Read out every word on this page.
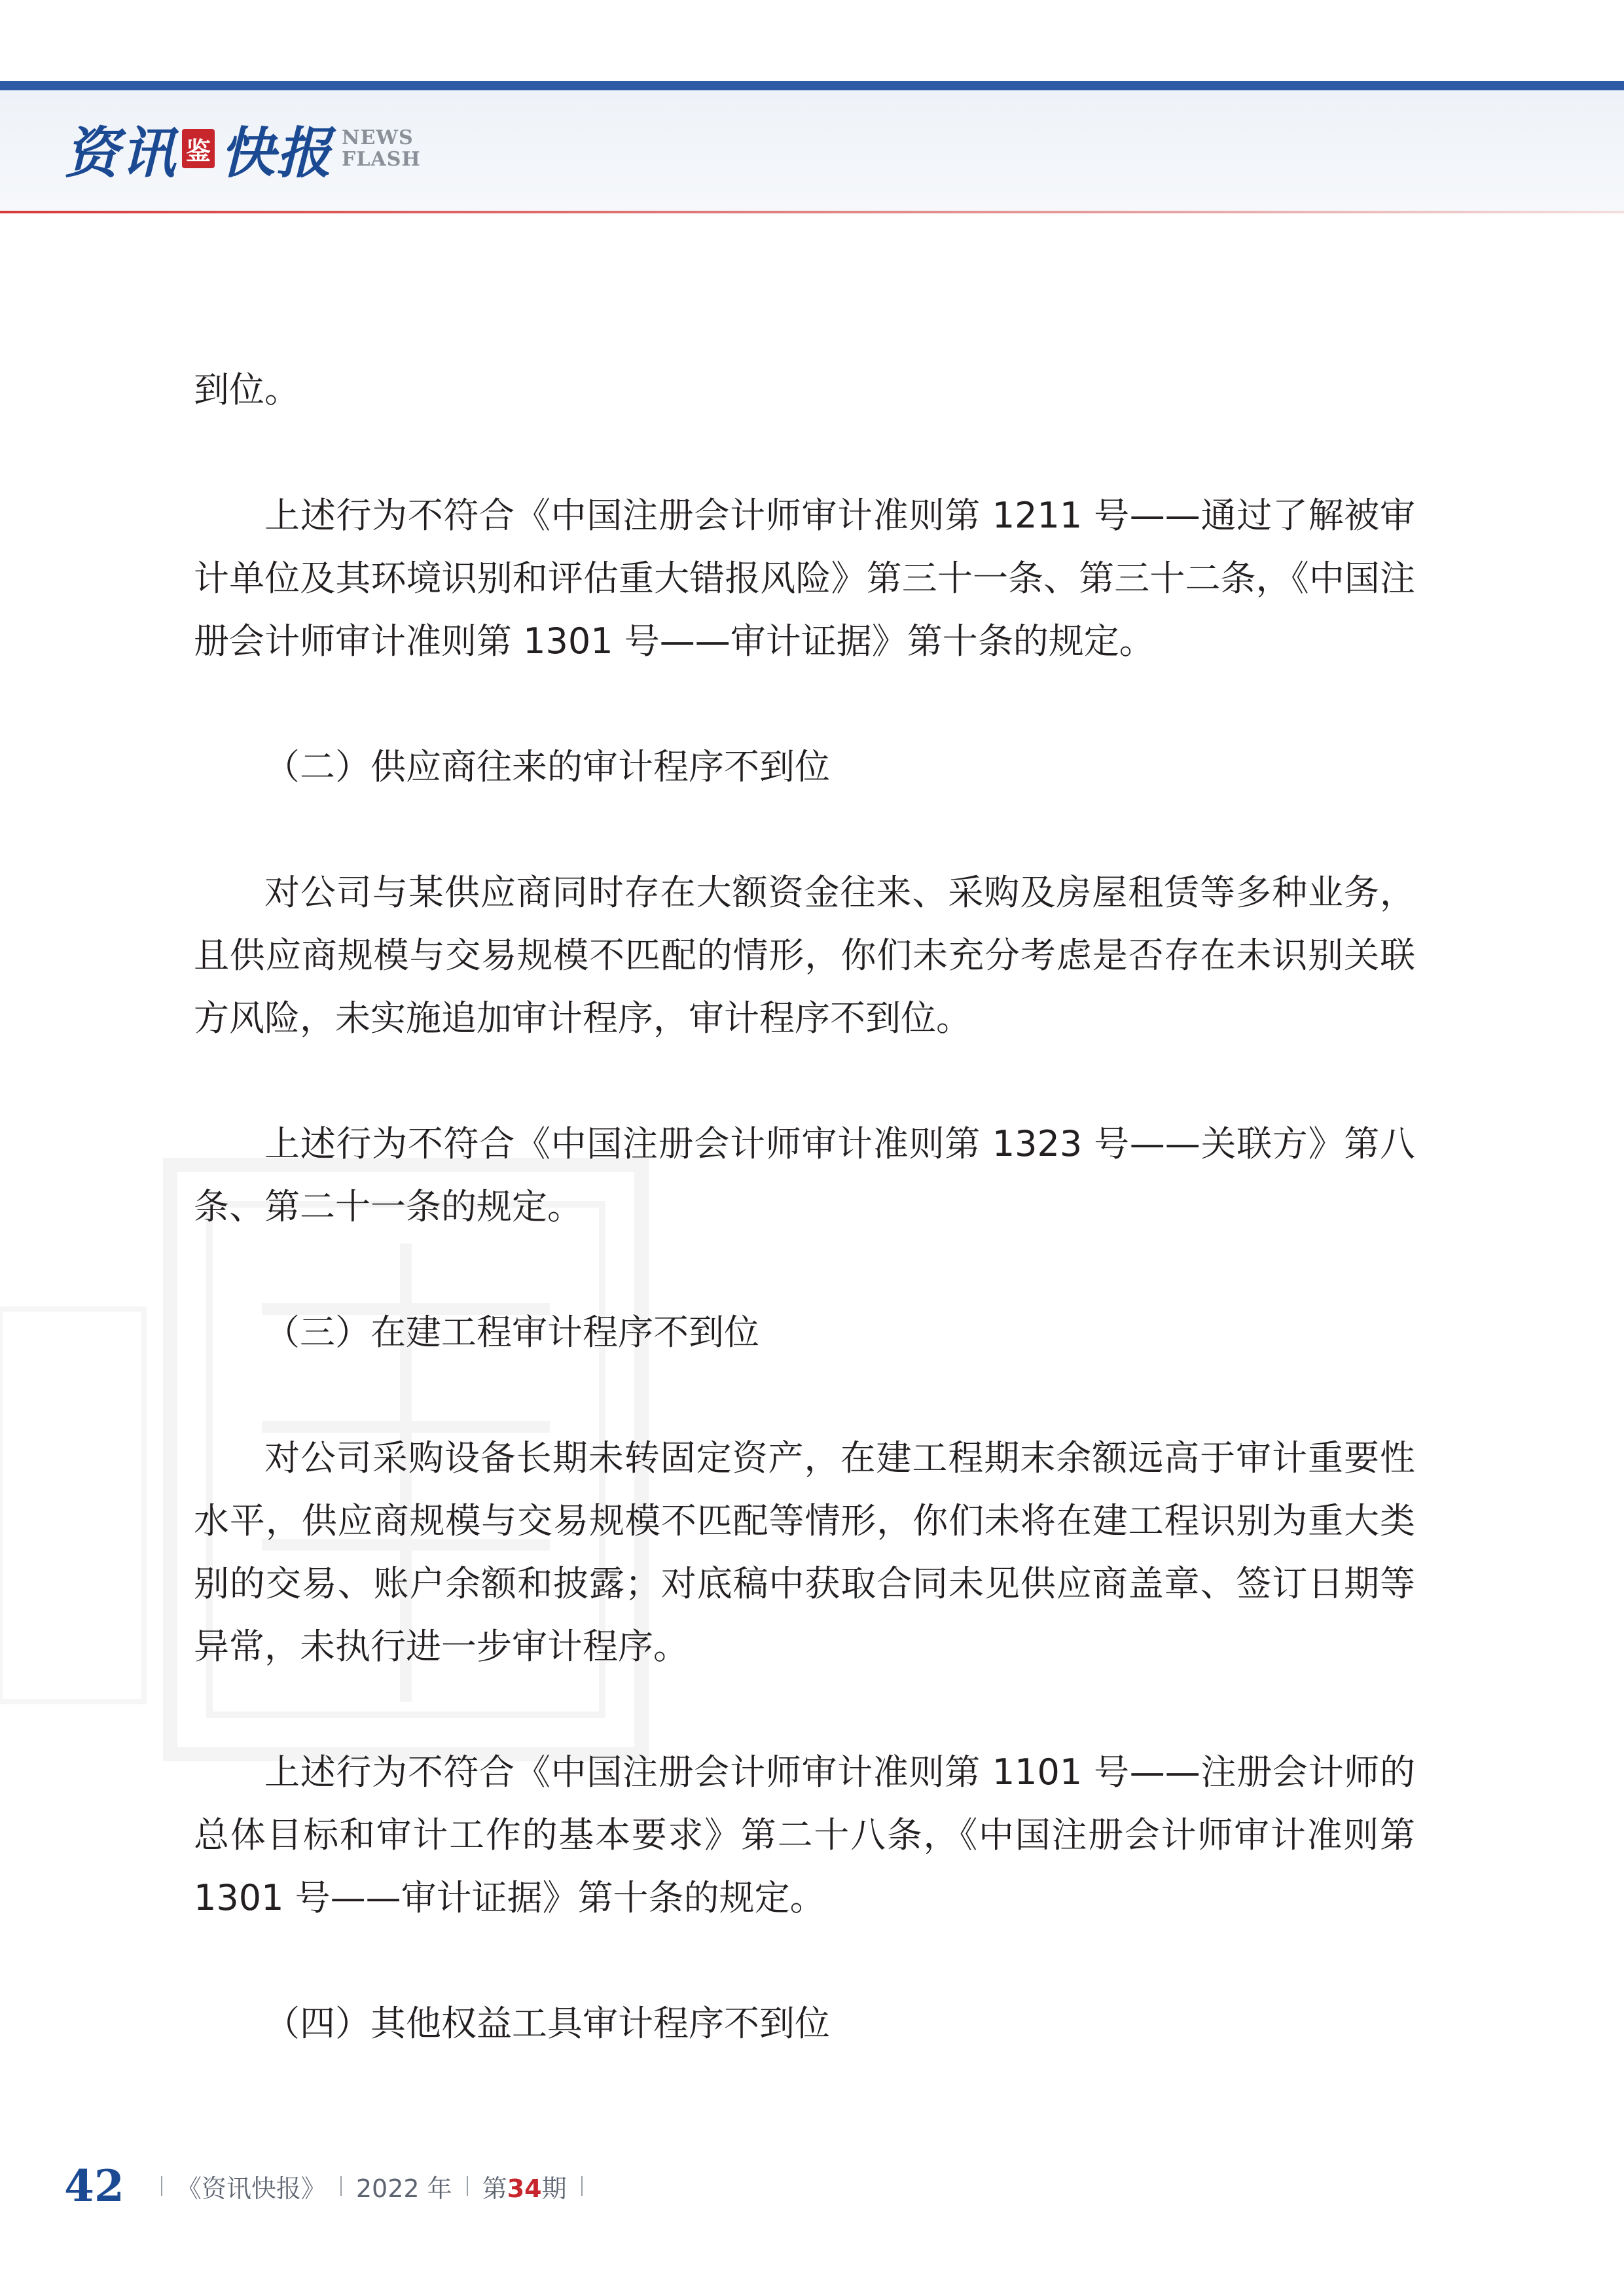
资讯 鉴 快报 NEWS
FLASH

到位。

上述行为不符合《中国注册会计师审计准则第 1211 号——通过了解被审计单位及其环境识别和评估重大错报风险》第三十一条、第三十二条，《中国注册会计师审计准则第 1301 号——审计证据》第十条的规定。

（二）供应商往来的审计程序不到位

对公司与某供应商同时存在大额资金往来、采购及房屋租赁等多种业务，且供应商规模与交易规模不匹配的情形，你们未充分考虑是否存在未识别关联方风险，未实施追加审计程序，审计程序不到位。

上述行为不符合《中国注册会计师审计准则第 1323 号——关联方》第八条、第二十一条的规定。

（三）在建工程审计程序不到位

对公司采购设备长期未转固定资产，在建工程期末余额远高于审计重要性水平，供应商规模与交易规模不匹配等情形，你们未将在建工程识别为重大类别的交易、账户余额和披露；对底稿中获取合同未见供应商盖章、签订日期等异常，未执行进一步审计程序。

上述行为不符合《中国注册会计师审计准则第 1101 号——注册会计师的总体目标和审计工作的基本要求》第二十八条，《中国注册会计师审计准则第 1301 号——审计证据》第十条的规定。

（四）其他权益工具审计程序不到位

42 《资讯快报》 2022 年 第34期
